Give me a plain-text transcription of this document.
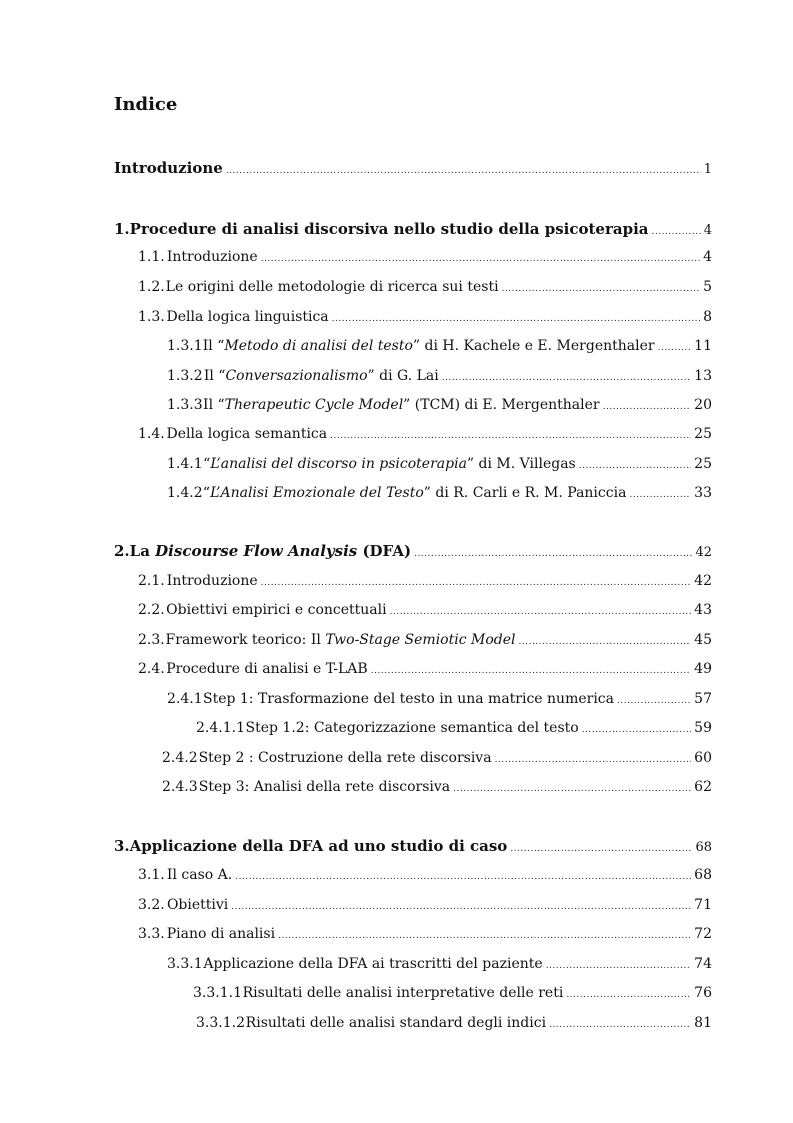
Indice
Introduzione .....	1
1. Procedure di analisi discorsiva nello studio della psicoterapia .....	4
1.1. Introduzione .....	4
1.2. Le origini delle metodologie di ricerca sui testi .....	5
1.3. Della logica linguistica .....	8
1.3.1 Il “Metodo di analisi del testo” di H. Kachele e E. Mergenthaler .....	11
1.3.2 Il “Conversazionalismo” di G. Lai .....	13
1.3.3 Il “Therapeutic Cycle Model” (TCM) di E. Mergenthaler .....	20
1.4. Della logica semantica .....	25
1.4.1 “L’analisi del discorso in psicoterapia” di M. Villegas .....	25
1.4.2 “L’Analisi Emozionale del Testo” di R. Carli e R. M. Paniccia .....	33
2. La Discourse Flow Analysis (DFA) .....	42
2.1. Introduzione .....	42
2.2. Obiettivi empirici e concettuali .....	43
2.3. Framework teorico: Il Two-Stage Semiotic Model .....	45
2.4. Procedure di analisi e T-LAB .....	49
2.4.1 Step 1: Trasformazione del testo in una matrice numerica .....	57
2.4.1.1 Step 1.2: Categorizzazione semantica del testo .....	59
2.4.2 Step 2 : Costruzione della rete discorsiva .....	60
2.4.3 Step 3: Analisi della rete discorsiva .....	62
3. Applicazione della DFA ad uno studio di caso .....	68
3.1. Il caso A. .....	68
3.2. Obiettivi .....	71
3.3. Piano di analisi .....	72
3.3.1 Applicazione della DFA ai trascritti del paziente .....	74
3.3.1.1 Risultati delle analisi interpretative delle reti .....	76
3.3.1.2 Risultati delle analisi standard degli indici .....	81
